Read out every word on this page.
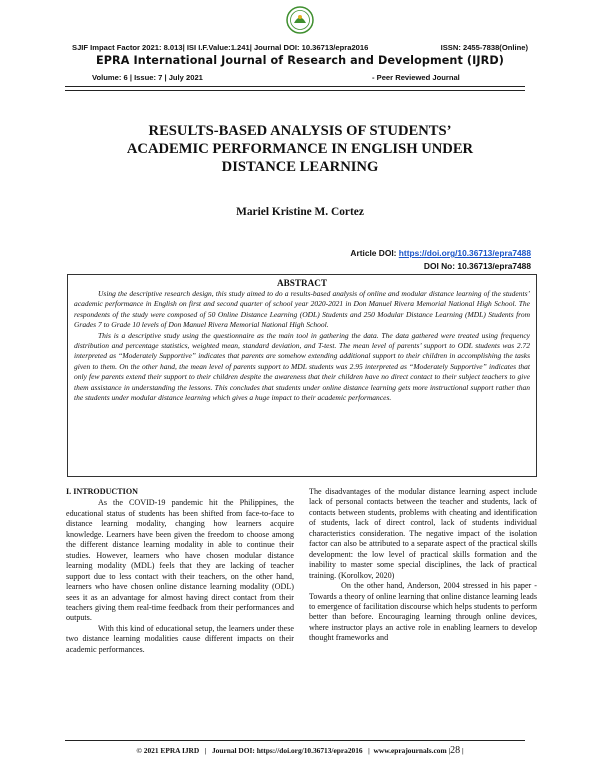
SJIF Impact Factor 2021: 8.013| ISI I.F.Value:1.241| Journal DOI: 10.36713/epra2016	ISSN: 2455-7838(Online)
EPRA International Journal of Research and Development (IJRD)
Volume: 6 | Issue: 7 | July 2021	- Peer Reviewed Journal
RESULTS-BASED ANALYSIS OF STUDENTS’
ACADEMIC PERFORMANCE IN ENGLISH UNDER
DISTANCE LEARNING
Mariel Kristine M. Cortez
Article DOI: https://doi.org/10.36713/epra7488
DOI No: 10.36713/epra7488
ABSTRACT

Using the descriptive research design, this study aimed to do a results-based analysis of online and modular distance learning of the students’ academic performance in English on first and second quarter of school year 2020-2021 in Don Manuel Rivera Memorial National High School. The respondents of the study were composed of 50 Online Distance Learning (ODL) Students and 250 Modular Distance Learning (MDL) Students from Grades 7 to Grade 10 levels of Don Manuel Rivera Memorial National High School.

This is a descriptive study using the questionnaire as the main tool in gathering the data. The data gathered were treated using frequency distribution and percentage statistics, weighted mean, standard deviation, and T-test. The mean level of parents’ support to ODL students was 2.72 interpreted as “Moderately Supportive” indicates that parents are somehow extending additional support to their children in accomplishing the tasks given to them. On the other hand, the mean level of parents support to MDL students was 2.95 interpreted as “Moderately Supportive” indicates that only few parents extend their support to their children despite the awareness that their children have no direct contact to their subject teachers to give them assistance in understanding the lessons. This concludes that students under online distance learning gets more instructional support rather than the students under modular distance learning which gives a huge impact to their academic performances.

I. INTRODUCTION

As the COVID-19 pandemic hit the Philippines, the educational status of students has been shifted from face-to-face to distance learning modality, changing how learners acquire knowledge. Learners have been given the freedom to choose among the different distance learning modality in able to continue their studies. However, learners who have chosen modular distance learning modality (MDL) feels that they are lacking of teacher support due to less contact with their teachers, on the other hand, learners who have chosen online distance learning modality (ODL) sees it as an advantage for almost having direct contact from their teachers giving them real-time feedback from their performances and outputs.

With this kind of educational setup, the learners under these two distance learning modalities cause different impacts on their academic performances.

The disadvantages of the modular distance learning aspect include lack of personal contacts between the teacher and students, lack of contacts between students, problems with cheating and identification of students, lack of direct control, lack of students individual characteristics consideration. The negative impact of the isolation factor can also be attributed to a separate aspect of the practical skills development: the low level of practical skills formation and the inability to master some special disciplines, the lack of practical training. (Korolkov, 2020)

On the other hand, Anderson, 2004 stressed in his paper - Towards a theory of online learning that online distance learning leads to emergence of facilitation discourse which helps students to perform better than before. Encouraging learning through online devices, where instructor plays an active role in enabling learners to develop thought frameworks and

© 2021 EPRA IJRD   |   Journal DOI: https://doi.org/10.36713/epra2016   |  www.eprajournals.com |28 |
